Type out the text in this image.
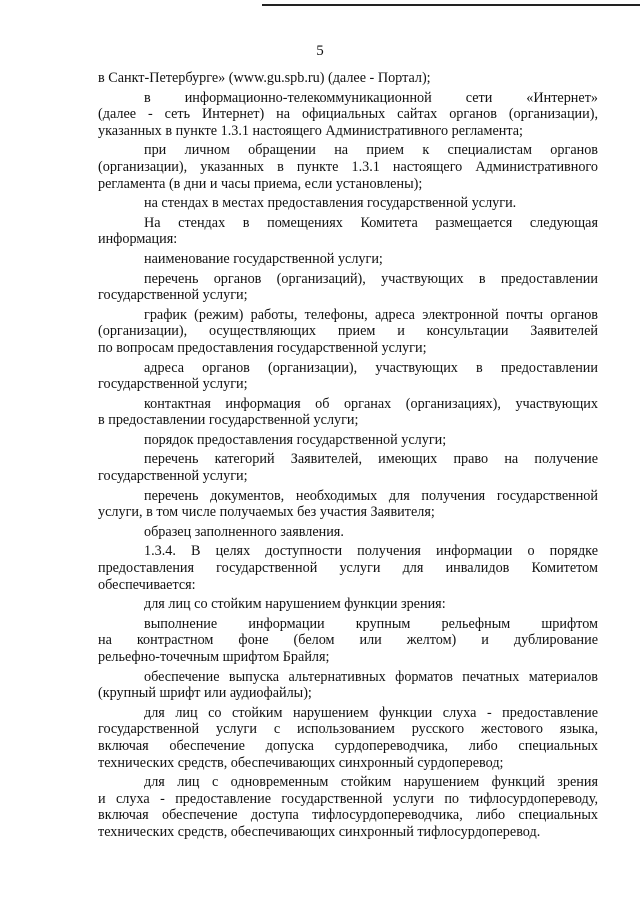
5
в Санкт-Петербурге» (www.gu.spb.ru) (далее - Портал);
в информационно-телекоммуникационной сети «Интернет»
(далее - сеть Интернет) на официальных сайтах органов (организации),
указанных в пункте 1.3.1 настоящего Административного регламента;
при личном обращении на прием к специалистам органов
(организации), указанных в пункте 1.3.1 настоящего Административного
регламента (в дни и часы приема, если установлены);
на стендах в местах предоставления государственной услуги.
На стендах в помещениях Комитета размещается следующая
информация:
наименование государственной услуги;
перечень органов (организаций), участвующих в предоставлении
государственной услуги;
график (режим) работы, телефоны, адреса электронной почты органов
(организации), осуществляющих прием и консультации Заявителей
по вопросам предоставления государственной услуги;
адреса органов (организации), участвующих в предоставлении
государственной услуги;
контактная информация об органах (организациях), участвующих
в предоставлении государственной услуги;
порядок предоставления государственной услуги;
перечень категорий Заявителей, имеющих право на получение
государственной услуги;
перечень документов, необходимых для получения государственной
услуги, в том числе получаемых без участия Заявителя;
образец заполненного заявления.
1.3.4. В целях доступности получения информации о порядке
предоставления государственной услуги для инвалидов Комитетом
обеспечивается:
для лиц со стойким нарушением функции зрения:
выполнение информации крупным рельефным шрифтом
на контрастном фоне (белом или желтом) и дублирование
рельефно-точечным шрифтом Брайля;
обеспечение выпуска альтернативных форматов печатных материалов
(крупный шрифт или аудиофайлы);
для лиц со стойким нарушением функции слуха - предоставление
государственной услуги с использованием русского жестового языка,
включая обеспечение допуска сурдопереводчика, либо специальных
технических средств, обеспечивающих синхронный сурдоперевод;
для лиц с одновременным стойким нарушением функций зрения
и слуха - предоставление государственной услуги по тифлосурдопереводу,
включая обеспечение доступа тифлосурдопереводчика, либо специальных
технических средств, обеспечивающих синхронный тифлосурдоперевод.
